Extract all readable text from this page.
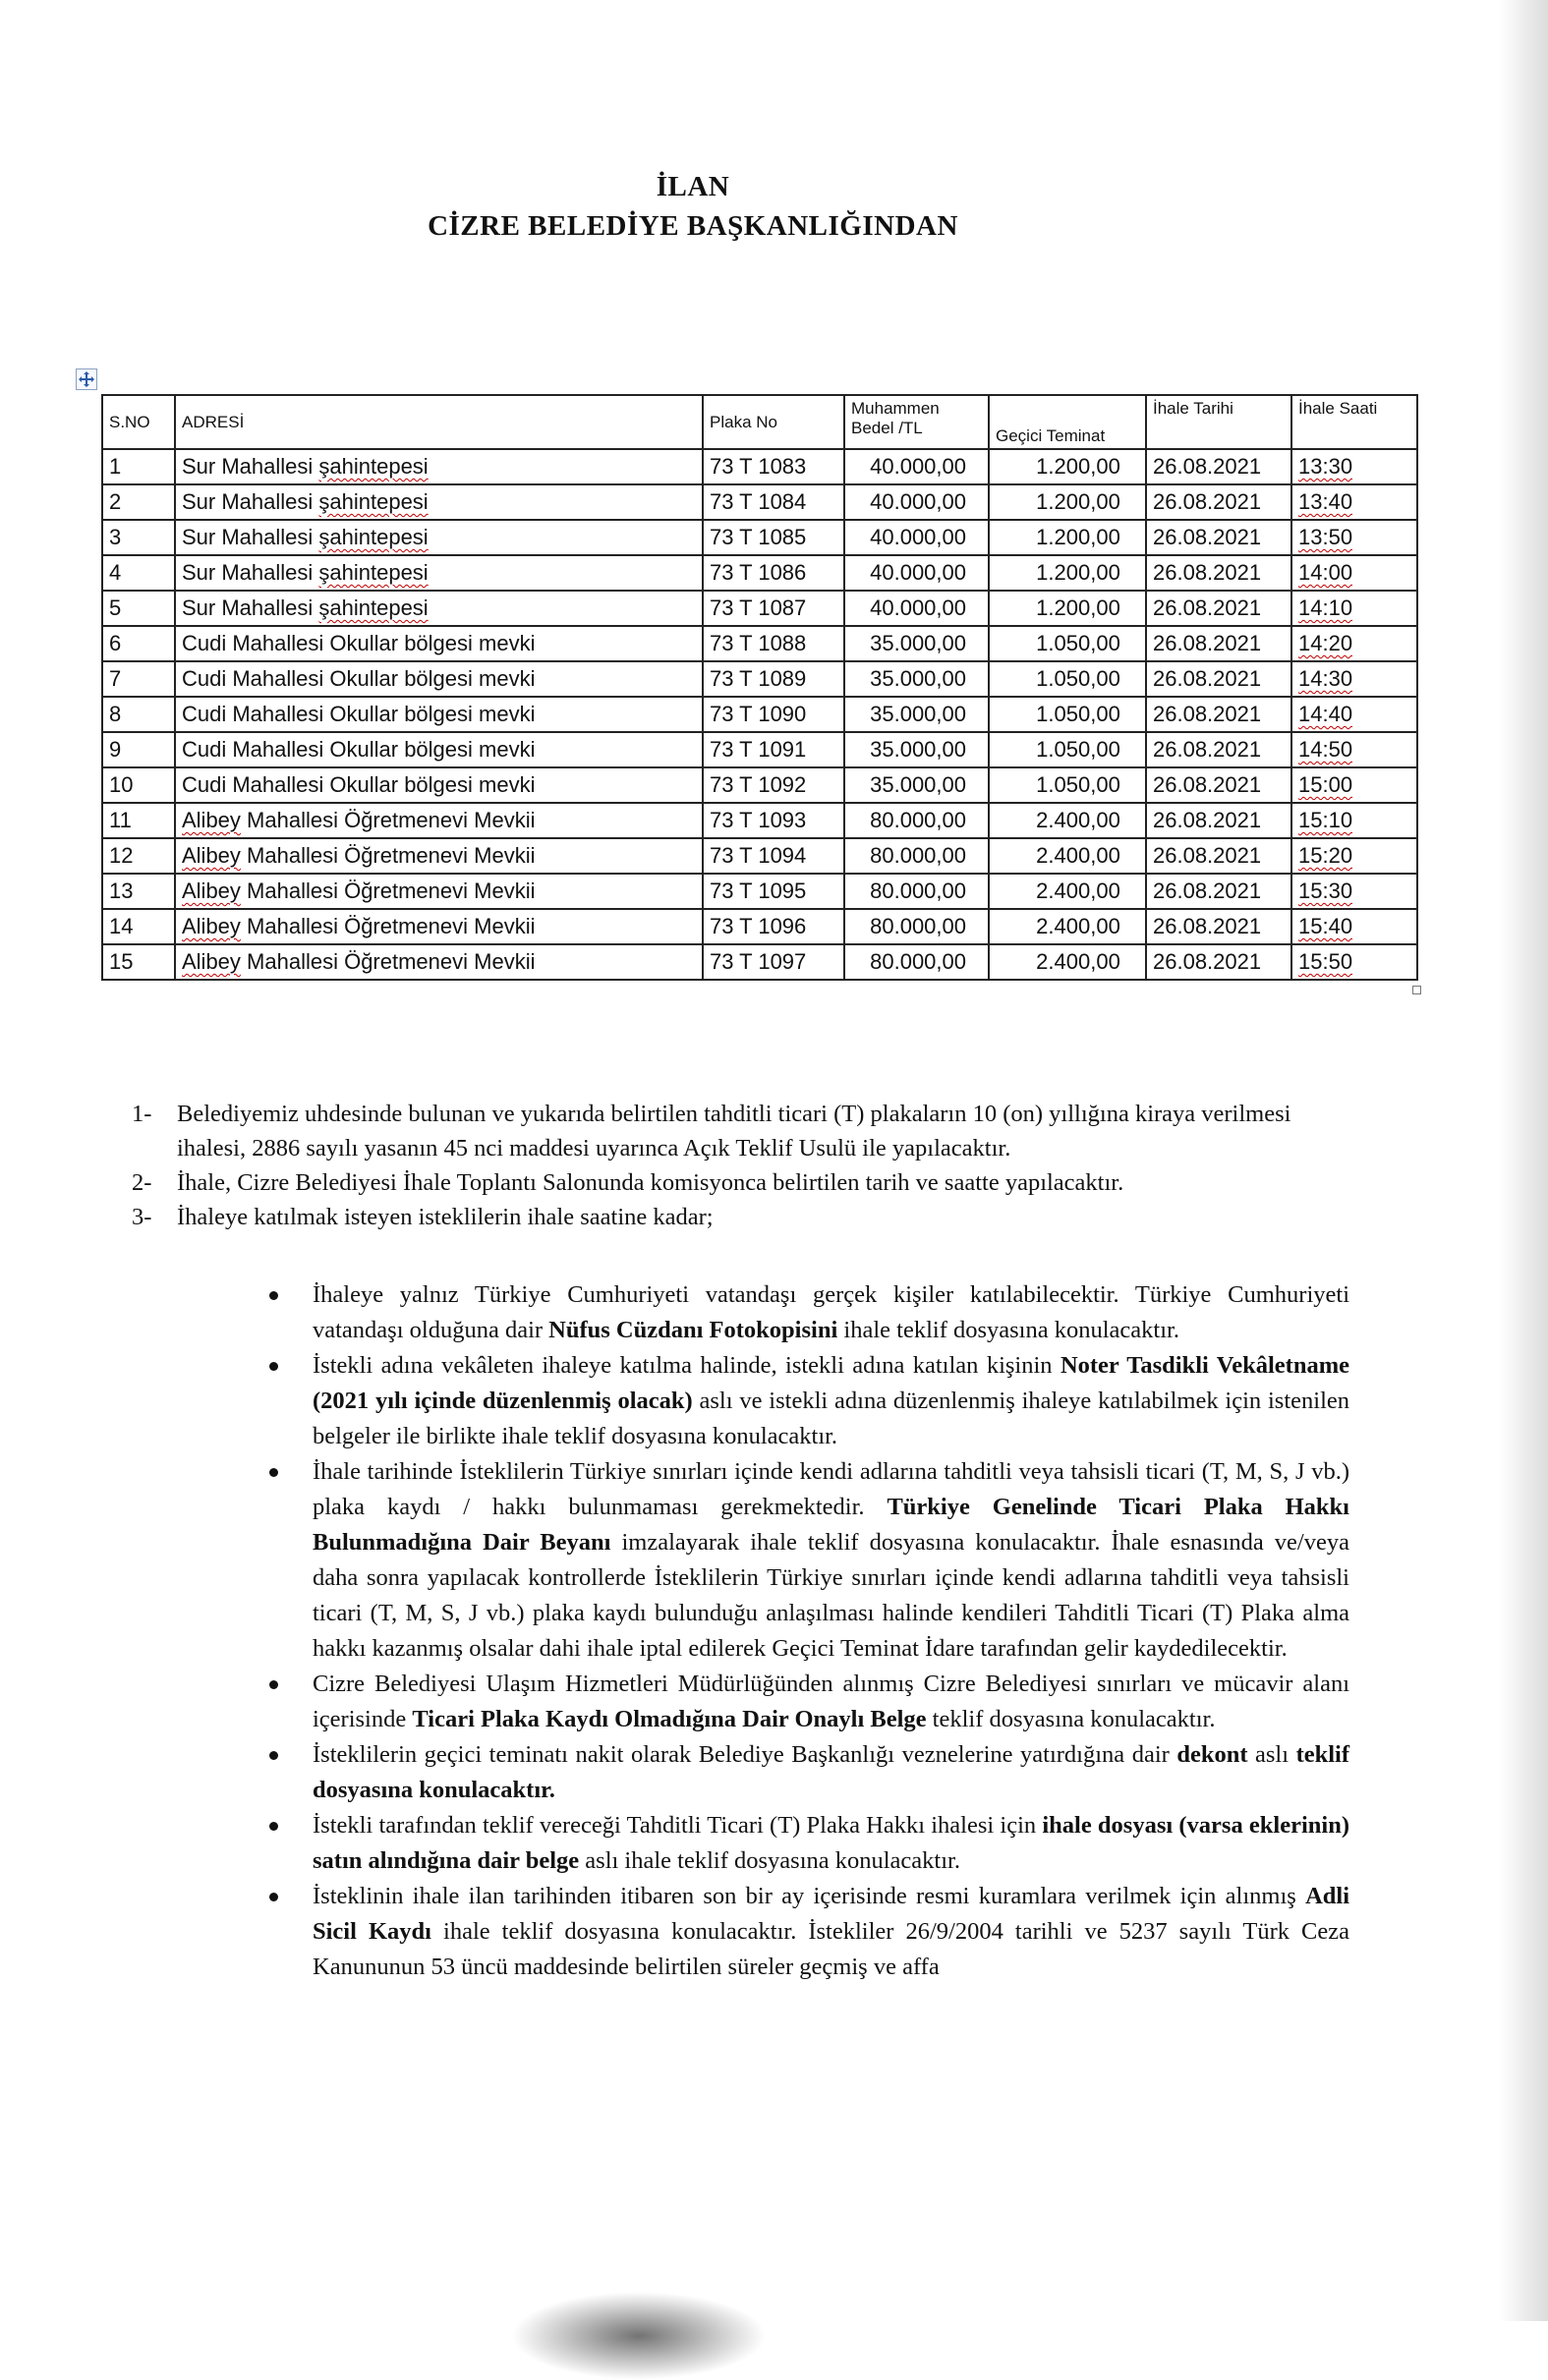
İLAN
CİZRE BELEDİYE BAŞKANLIĞINDAN
S.NO	ADRESİ	Plaka No	Muhammen Bedel /TL	Geçici Teminat	İhale Tarihi	İhale Saati
1	Sur Mahallesi şahintepesi	73 T 1083	40.000,00	1.200,00	26.08.2021	13:30
2	Sur Mahallesi şahintepesi	73 T 1084	40.000,00	1.200,00	26.08.2021	13:40
3	Sur Mahallesi şahintepesi	73 T 1085	40.000,00	1.200,00	26.08.2021	13:50
4	Sur Mahallesi şahintepesi	73 T 1086	40.000,00	1.200,00	26.08.2021	14:00
5	Sur Mahallesi şahintepesi	73 T 1087	40.000,00	1.200,00	26.08.2021	14:10
6	Cudi Mahallesi Okullar bölgesi mevki	73 T 1088	35.000,00	1.050,00	26.08.2021	14:20
7	Cudi Mahallesi Okullar bölgesi mevki	73 T 1089	35.000,00	1.050,00	26.08.2021	14:30
8	Cudi Mahallesi Okullar bölgesi mevki	73 T 1090	35.000,00	1.050,00	26.08.2021	14:40
9	Cudi Mahallesi Okullar bölgesi mevki	73 T 1091	35.000,00	1.050,00	26.08.2021	14:50
10	Cudi Mahallesi Okullar bölgesi mevki	73 T 1092	35.000,00	1.050,00	26.08.2021	15:00
11	Alibey Mahallesi Öğretmenevi Mevkii	73 T 1093	80.000,00	2.400,00	26.08.2021	15:10
12	Alibey Mahallesi Öğretmenevi Mevkii	73 T 1094	80.000,00	2.400,00	26.08.2021	15:20
13	Alibey Mahallesi Öğretmenevi Mevkii	73 T 1095	80.000,00	2.400,00	26.08.2021	15:30
14	Alibey Mahallesi Öğretmenevi Mevkii	73 T 1096	80.000,00	2.400,00	26.08.2021	15:40
15	Alibey Mahallesi Öğretmenevi Mevkii	73 T 1097	80.000,00	2.400,00	26.08.2021	15:50
1- Belediyemiz uhdesinde bulunan ve yukarıda belirtilen tahditli ticari (T) plakaların 10 (on) yıllığına kiraya verilmesi ihalesi, 2886 sayılı yasanın 45 nci maddesi uyarınca Açık Teklif Usulü ile yapılacaktır.
2- İhale, Cizre Belediyesi İhale Toplantı Salonunda komisyonca belirtilen tarih ve saatte yapılacaktır.
3- İhaleye katılmak isteyen isteklilerin ihale saatine kadar;
İhaleye yalnız Türkiye Cumhuriyeti vatandaşı gerçek kişiler katılabilecektir. Türkiye Cumhuriyeti vatandaşı olduğuna dair Nüfus Cüzdanı Fotokopisini ihale teklif dosyasına konulacaktır.
İstekli adına vekâleten ihaleye katılma halinde, istekli adına katılan kişinin Noter Tasdikli Vekâletname (2021 yılı içinde düzenlenmiş olacak) aslı ve istekli adına düzenlenmiş ihaleye katılabilmek için istenilen belgeler ile birlikte ihale teklif dosyasına konulacaktır.
İhale tarihinde İsteklilerin Türkiye sınırları içinde kendi adlarına tahditli veya tahsisli ticari (T, M, S, J vb.) plaka kaydı / hakkı bulunmaması gerekmektedir. Türkiye Genelinde Ticari Plaka Hakkı Bulunmadığına Dair Beyanı imzalayarak ihale teklif dosyasına konulacaktır. İhale esnasında ve/veya daha sonra yapılacak kontrollerde İsteklilerin Türkiye sınırları içinde kendi adlarına tahditli veya tahsisli ticari (T, M, S, J vb.) plaka kaydı bulunduğu anlaşılması halinde kendileri Tahditli Ticari (T) Plaka alma hakkı kazanmış olsalar dahi ihale iptal edilerek Geçici Teminat İdare tarafından gelir kaydedilecektir.
Cizre Belediyesi Ulaşım Hizmetleri Müdürlüğünden alınmış Cizre Belediyesi sınırları ve mücavir alanı içerisinde Ticari Plaka Kaydı Olmadığına Dair Onaylı Belge teklif dosyasına konulacaktır.
İsteklilerin geçici teminatı nakit olarak Belediye Başkanlığı veznelerine yatırdığına dair dekont aslı teklif dosyasına konulacaktır.
İstekli tarafından teklif vereceği Tahditli Ticari (T) Plaka Hakkı ihalesi için ihale dosyası (varsa eklerinin) satın alındığına dair belge aslı ihale teklif dosyasına konulacaktır.
İsteklinin ihale ilan tarihinden itibaren son bir ay içerisinde resmi kuramlara verilmek için alınmış Adli Sicil Kaydı ihale teklif dosyasına konulacaktır. İstekliler 26/9/2004 tarihli ve 5237 sayılı Türk Ceza Kanununun 53 üncü maddesinde belirtilen süreler geçmiş ve affa
